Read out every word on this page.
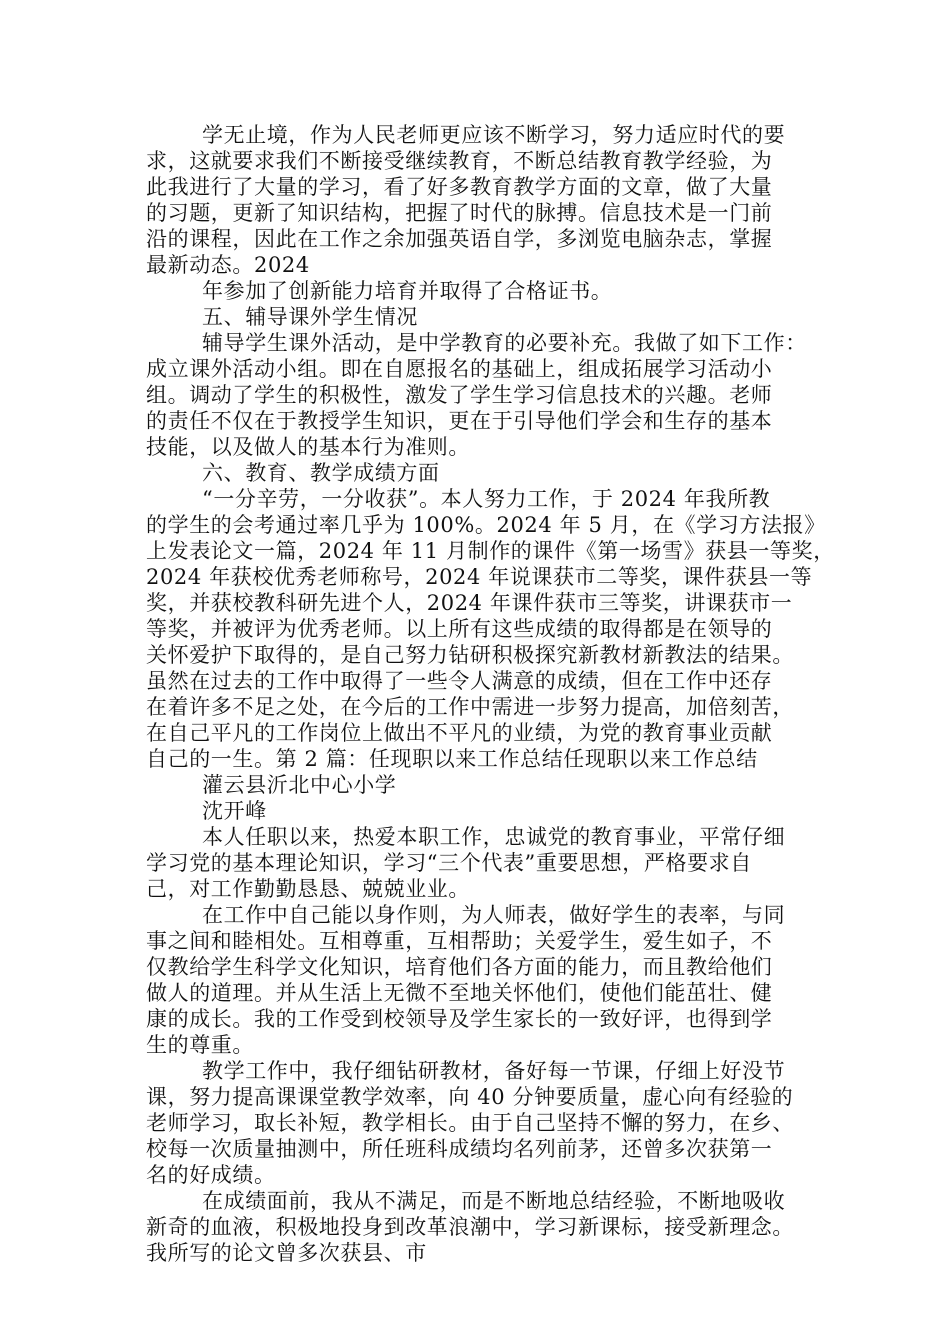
学无止境，作为人民老师更应该不断学习，努力适应时代的要
求，这就要求我们不断接受继续教育，不断总结教育教学经验，为
此我进行了大量的学习，看了好多教育教学方面的文章，做了大量
的习题，更新了知识结构，把握了时代的脉搏。信息技术是一门前
沿的课程，因此在工作之余加强英语自学，多浏览电脑杂志，掌握
最新动态。2024
年参加了创新能力培育并取得了合格证书。
五、辅导课外学生情况
辅导学生课外活动，是中学教育的必要补充。我做了如下工作：
成立课外活动小组。即在自愿报名的基础上，组成拓展学习活动小
组。调动了学生的积极性，激发了学生学习信息技术的兴趣。老师
的责任不仅在于教授学生知识，更在于引导他们学会和生存的基本
技能，以及做人的基本行为准则。
六、教育、教学成绩方面
“一分辛劳，一分收获”。本人努力工作，于 2024 年我所教
的学生的会考通过率几乎为 100%。2024 年 5 月，在《学习方法报》
上发表论文一篇，2024 年 11 月制作的课件《第一场雪》获县一等奖，
2024 年获校优秀老师称号，2024 年说课获市二等奖，课件获县一等
奖，并获校教科研先进个人，2024 年课件获市三等奖，讲课获市一
等奖，并被评为优秀老师。以上所有这些成绩的取得都是在领导的
关怀爱护下取得的，是自己努力钻研积极探究新教材新教法的结果。
虽然在过去的工作中取得了一些令人满意的成绩，但在工作中还存
在着许多不足之处，在今后的工作中需进一步努力提高，加倍刻苦，
在自己平凡的工作岗位上做出不平凡的业绩，为党的教育事业贡献
自己的一生。第 2 篇：任现职以来工作总结任现职以来工作总结
灌云县沂北中心小学
沈开峰
本人任职以来，热爱本职工作，忠诚党的教育事业，平常仔细
学习党的基本理论知识，学习“三个代表”重要思想，严格要求自
己，对工作勤勤恳恳、兢兢业业。
在工作中自己能以身作则，为人师表，做好学生的表率，与同
事之间和睦相处。互相尊重，互相帮助；关爱学生，爱生如子，不
仅教给学生科学文化知识，培育他们各方面的能力，而且教给他们
做人的道理。并从生活上无微不至地关怀他们，使他们能茁壮、健
康的成长。我的工作受到校领导及学生家长的一致好评，也得到学
生的尊重。
教学工作中，我仔细钻研教材，备好每一节课，仔细上好没节
课，努力提高课课堂教学效率，向 40 分钟要质量，虚心向有经验的
老师学习，取长补短，教学相长。由于自己坚持不懈的努力，在乡、
校每一次质量抽测中，所任班科成绩均名列前茅，还曾多次获第一
名的好成绩。
在成绩面前，我从不满足，而是不断地总结经验，不断地吸收
新奇的血液，积极地投身到改革浪潮中，学习新课标，接受新理念。
我所写的论文曾多次获县、市
